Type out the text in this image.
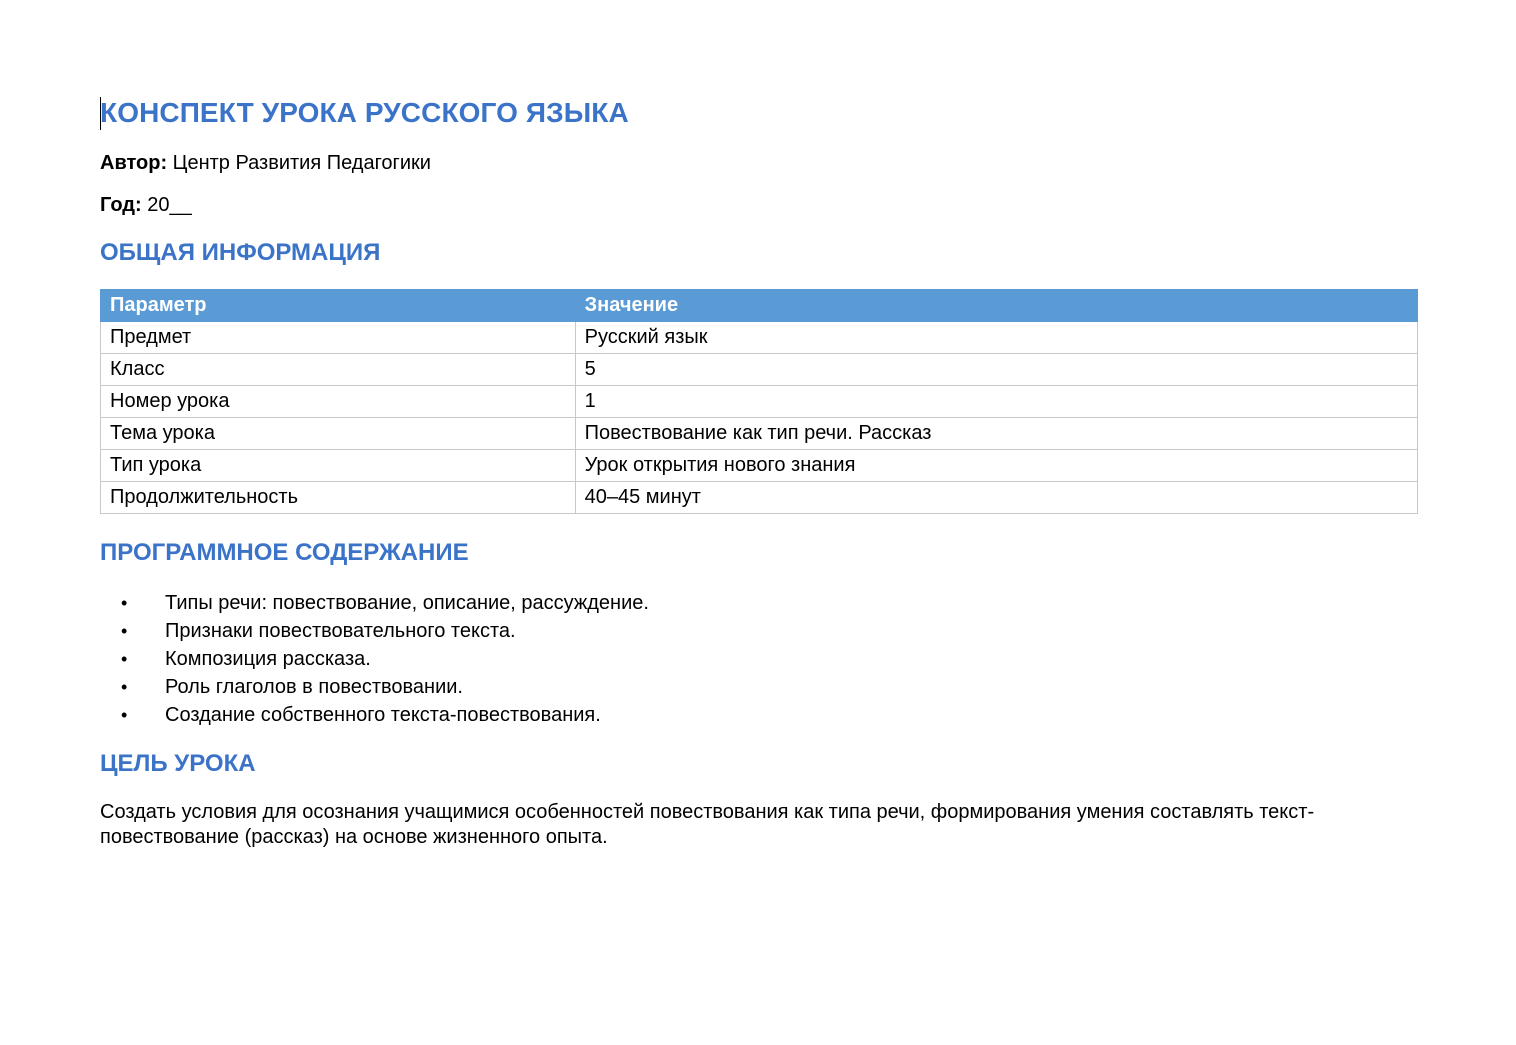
КОНСПЕКТ УРОКА РУССКОГО ЯЗЫКА

Автор: Центр Развития Педагогики

Год: 20__

ОБЩАЯ ИНФОРМАЦИЯ
Параметр	Значение
Предмет	Русский язык
Класс	5
Номер урока	1
Тема урока	Повествование как тип речи. Рассказ
Тип урока	Урок открытия нового знания
Продолжительность	40–45 минут
ПРОГРАММНОЕ СОДЕРЖАНИЕ
• Типы речи: повествование, описание, рассуждение.
• Признаки повествовательного текста.
• Композиция рассказа.
• Роль глаголов в повествовании.
• Создание собственного текста-повествования.
ЦЕЛЬ УРОКА

Создать условия для осознания учащимися особенностей повествования как типа речи, формирования умения составлять текст-повествование (рассказ) на основе жизненного опыта.
